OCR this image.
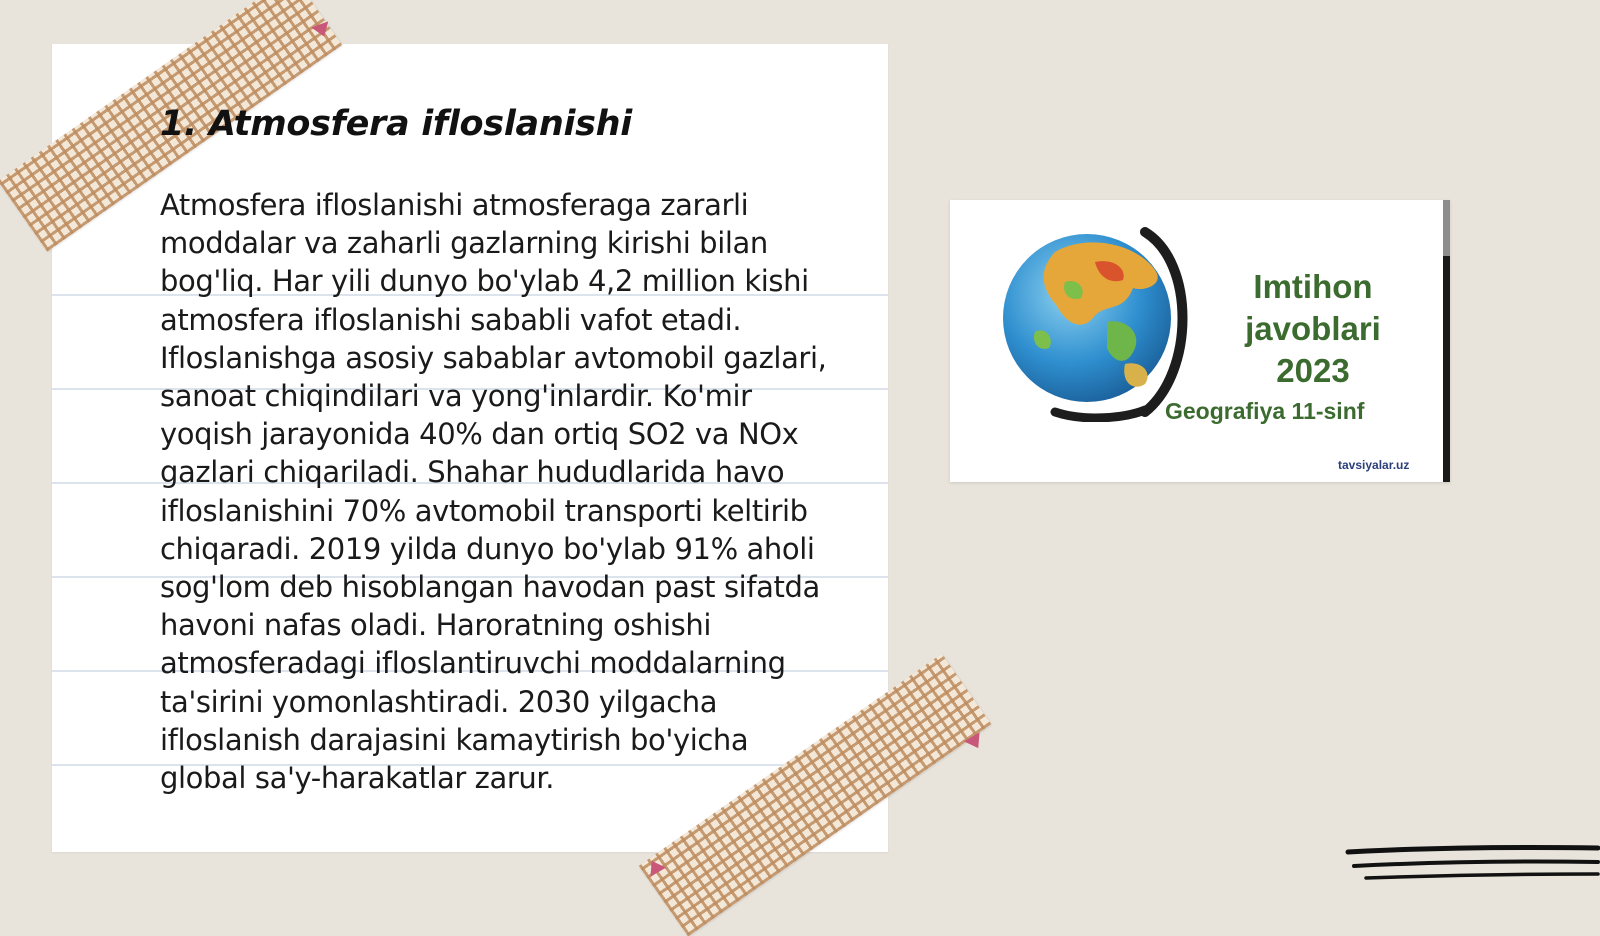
1. Atmosfera ifloslanishi

Atmosfera ifloslanishi atmosferaga zararli moddalar va zaharli gazlarning kirishi bilan bog'liq. Har yili dunyo bo'ylab 4,2 million kishi atmosfera ifloslanishi sababli vafot etadi. Ifloslanishga asosiy sabablar avtomobil gazlari, sanoat chiqindilari va yong'inlardir. Ko'mir yoqish jarayonida 40% dan ortiq SO2 va NOx gazlari chiqariladi. Shahar hududlarida havo ifloslanishini 70% avtomobil transporti keltirib chiqaradi. 2019 yilda dunyo bo'ylab 91% aholi sog'lom deb hisoblangan havodan past sifatda havoni nafas oladi. Haroratning oshishi atmosferadagi ifloslantiruvchi moddalarning ta'sirini yomonlashtiradi. 2030 yilgacha ifloslanish darajasini kamaytirish bo'yicha global sa'y-harakatlar zarur.

Imtihon
javoblari
2023
Geografiya 11-sinf
tavsiyalar.uz
